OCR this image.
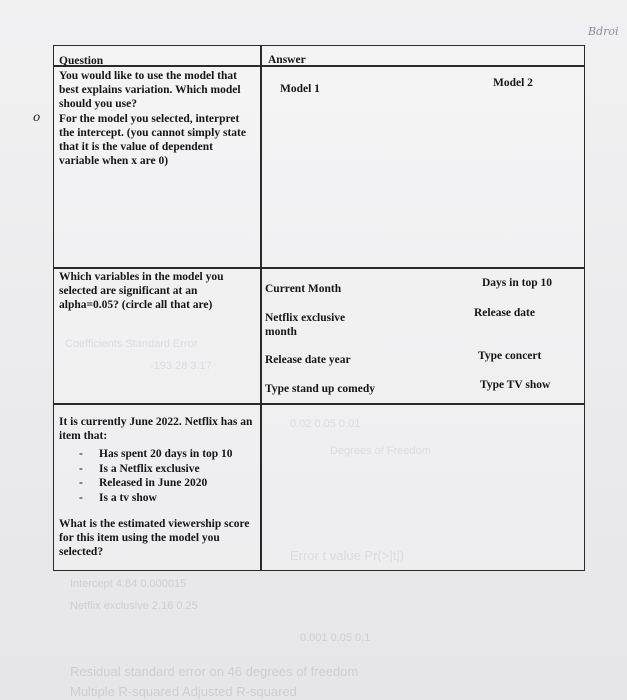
Coefficients Standard Error
-193.28 3.17
0.02 0.05 0.01
Degrees of Freedom
Error t value Pr(>|t|)
Intercept 4.84 0.000015
Netflix exclusive 2.16 0.25
0.001 0.05 0.1
Residual standard error on 46 degrees of freedom
Multiple R-squared Adjusted R-squared
Bdroi
o
Question	Answer
You would like to use the model that best explains variation. Which model should you use?
For the model you selected, interpret the intercept. (you cannot simply state that it is the value of dependent variable when x are 0)
Model 1	Model 2
Which variables in the model you selected are significant at an alpha=0.05? (circle all that are)
Current Month
Netflix exclusive month
Release date year
Type stand up comedy
Days in top 10
Release date
Type concert
Type TV show
It is currently June 2022. Netflix has an item that:
- Has spent 20 days in top 10
- Is a Netflix exclusive
- Released in June 2020
- Is a tv show
What is the estimated viewership score for this item using the model you selected?
